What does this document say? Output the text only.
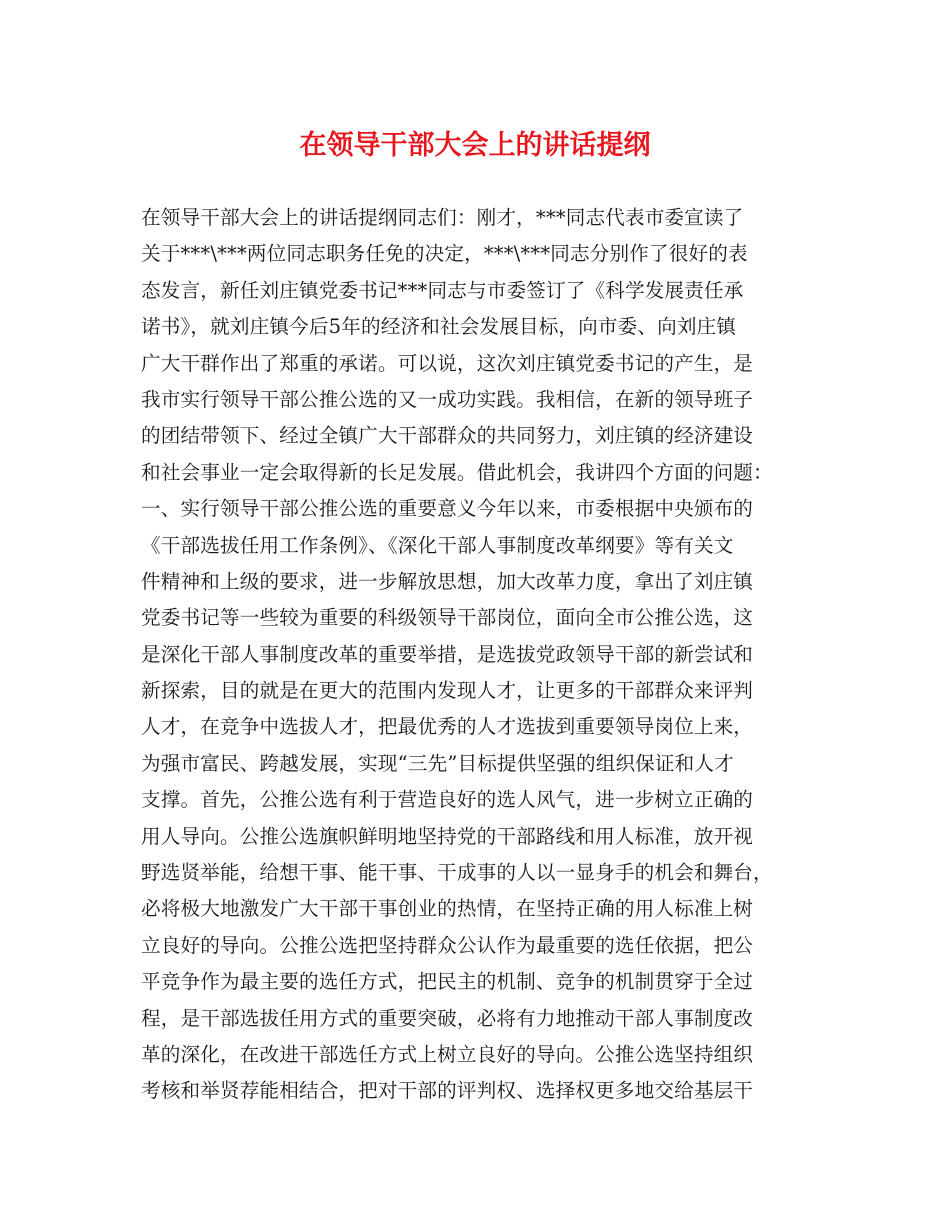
在领导干部大会上的讲话提纲
在领导干部大会上的讲话提纲同志们：刚才，***同志代表市委宣读了
关于***\***两位同志职务任免的决定，***\***同志分别作了很好的表
态发言，新任刘庄镇党委书记***同志与市委签订了《科学发展责任承
诺书》，就刘庄镇今后5年的经济和社会发展目标，向市委、向刘庄镇
广大干群作出了郑重的承诺。可以说，这次刘庄镇党委书记的产生，是
我市实行领导干部公推公选的又一成功实践。我相信，在新的领导班子
的团结带领下、经过全镇广大干部群众的共同努力，刘庄镇的经济建设
和社会事业一定会取得新的长足发展。借此机会，我讲四个方面的问题：
一、实行领导干部公推公选的重要意义今年以来，市委根据中央颁布的
《干部选拔任用工作条例》、《深化干部人事制度改革纲要》等有关文
件精神和上级的要求，进一步解放思想，加大改革力度，拿出了刘庄镇
党委书记等一些较为重要的科级领导干部岗位，面向全市公推公选，这
是深化干部人事制度改革的重要举措，是选拔党政领导干部的新尝试和
新探索，目的就是在更大的范围内发现人才，让更多的干部群众来评判
人才，在竞争中选拔人才，把最优秀的人才选拔到重要领导岗位上来，
为强市富民、跨越发展，实现“三先”目标提供坚强的组织保证和人才
支撑。首先，公推公选有利于营造良好的选人风气，进一步树立正确的
用人导向。公推公选旗帜鲜明地坚持党的干部路线和用人标准，放开视
野选贤举能，给想干事、能干事、干成事的人以一显身手的机会和舞台，
必将极大地激发广大干部干事创业的热情，在坚持正确的用人标准上树
立良好的导向。公推公选把坚持群众公认作为最重要的选任依据，把公
平竞争作为最主要的选任方式，把民主的机制、竞争的机制贯穿于全过
程，是干部选拔任用方式的重要突破，必将有力地推动干部人事制度改
革的深化，在改进干部选任方式上树立良好的导向。公推公选坚持组织
考核和举贤荐能相结合，把对干部的评判权、选择权更多地交给基层干
